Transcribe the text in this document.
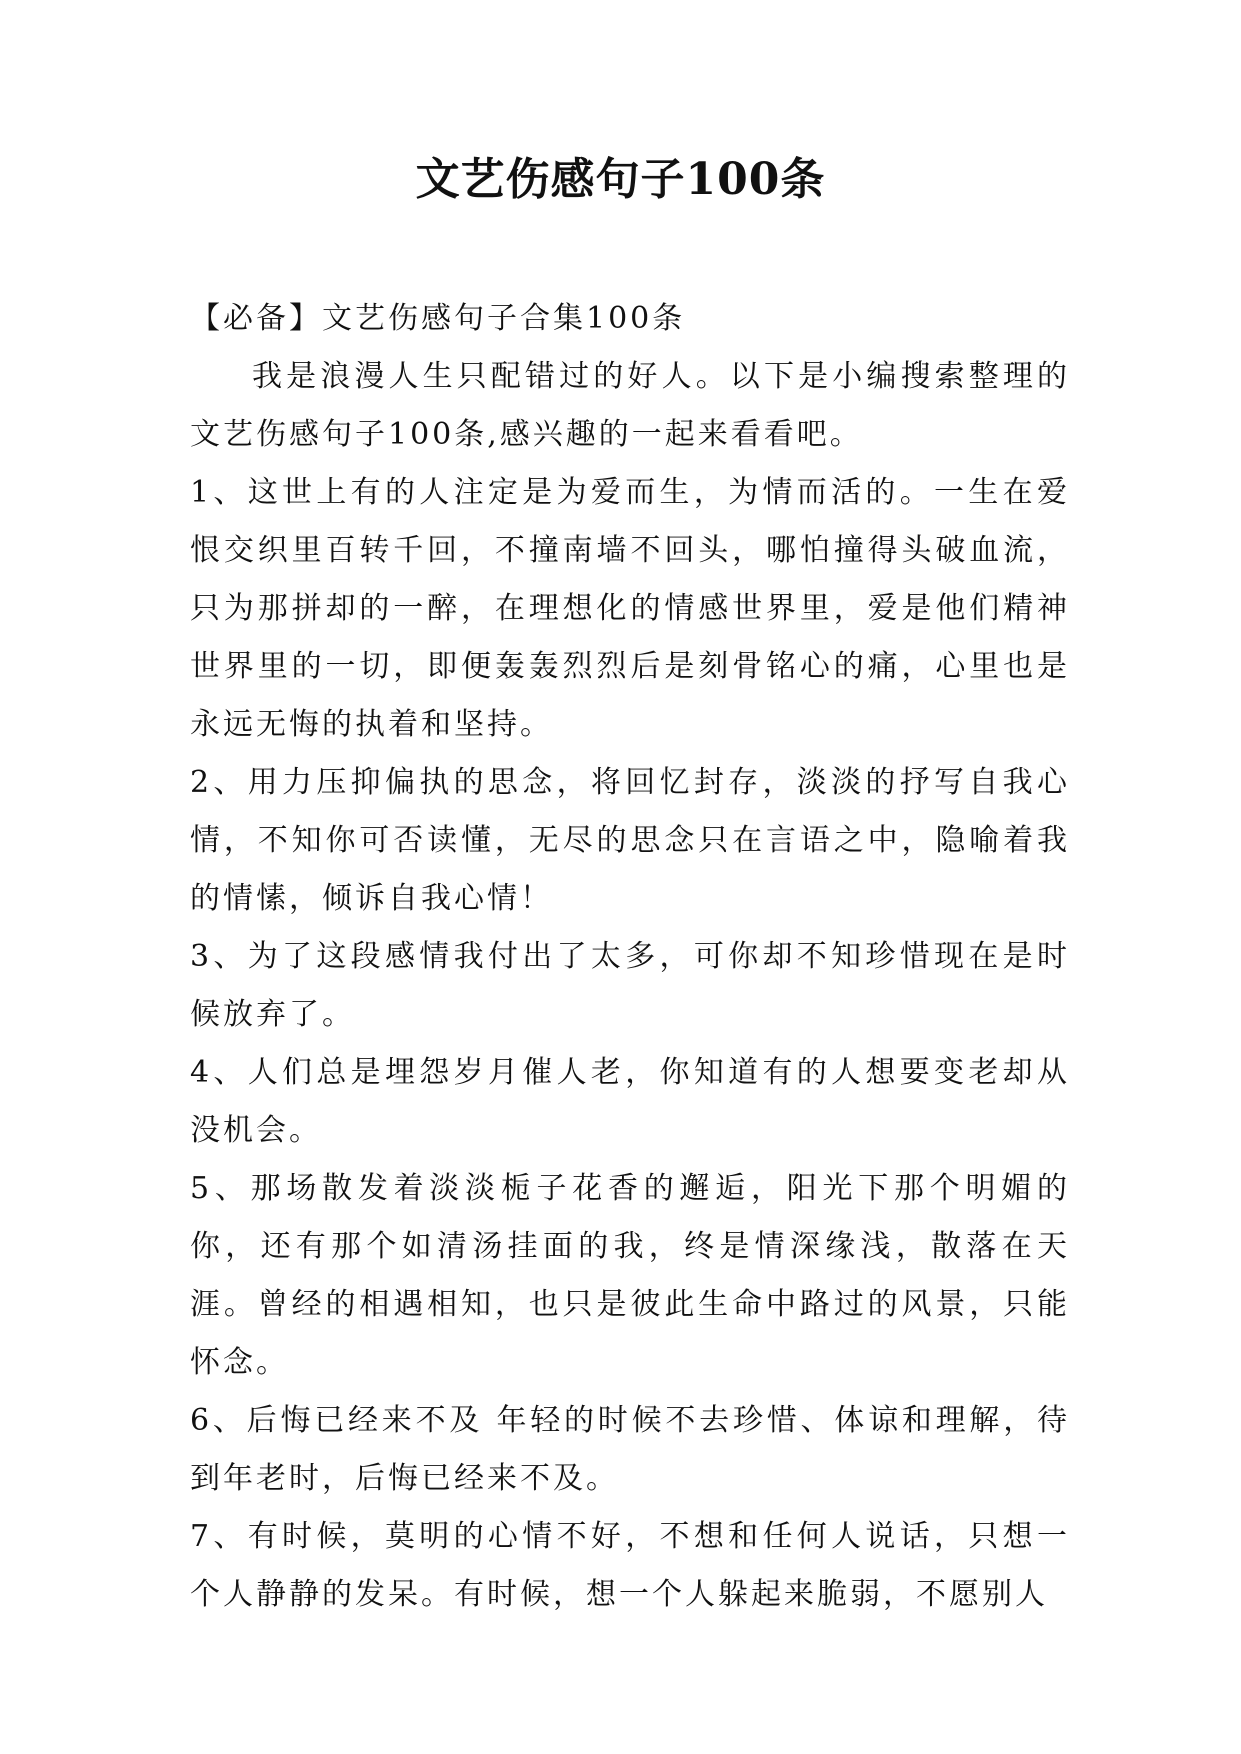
文艺伤感句子100条

【必备】文艺伤感句子合集100条

我是浪漫人生只配错过的好人。以下是小编搜索整理的文艺伤感句子100条,感兴趣的一起来看看吧。

1、这世上有的人注定是为爱而生，为情而活的。一生在爱恨交织里百转千回，不撞南墙不回头，哪怕撞得头破血流，只为那拼却的一醉，在理想化的情感世界里，爱是他们精神世界里的一切，即便轰轰烈烈后是刻骨铭心的痛，心里也是永远无悔的执着和坚持。

2、用力压抑偏执的思念，将回忆封存，淡淡的抒写自我心情，不知你可否读懂，无尽的思念只在言语之中，隐喻着我的情愫，倾诉自我心情！

3、为了这段感情我付出了太多，可你却不知珍惜现在是时候放弃了。

4、人们总是埋怨岁月催人老，你知道有的人想要变老却从没机会。

5、那场散发着淡淡栀子花香的邂逅，阳光下那个明媚的你，还有那个如清汤挂面的我，终是情深缘浅，散落在天涯。曾经的相遇相知，也只是彼此生命中路过的风景，只能怀念。

6、后悔已经来不及 年轻的时候不去珍惜、体谅和理解，待到年老时，后悔已经来不及。

7、有时候，莫明的心情不好，不想和任何人说话，只想一个人静静的发呆。有时候，想一个人躲起来脆弱，不愿别人
